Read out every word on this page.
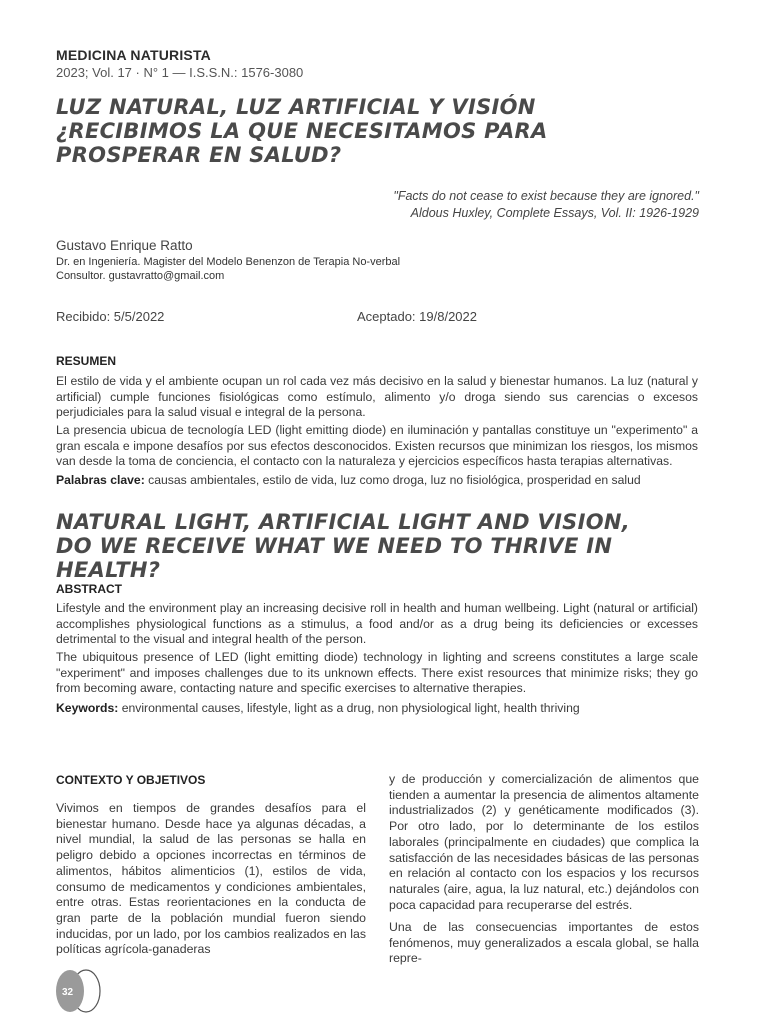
MEDICINA NATURISTA
2023; Vol. 17 · N° 1 — I.S.S.N.: 1576-3080
LUZ NATURAL, LUZ ARTIFICIAL Y VISIÓN
¿RECIBIMOS LA QUE NECESITAMOS PARA
PROSPERAR EN SALUD?
"Facts do not cease to exist because they are ignored."
Aldous Huxley, Complete Essays, Vol. II: 1926-1929
Gustavo Enrique Ratto
Dr. en Ingeniería. Magister del Modelo Benenzon de Terapia No-verbal
Consultor. gustavratto@gmail.com
Recibido: 5/5/2022	Aceptado: 19/8/2022
RESUMEN

El estilo de vida y el ambiente ocupan un rol cada vez más decisivo en la salud y bienestar humanos. La luz (natural y artificial) cumple funciones fisiológicas como estímulo, alimento y/o droga siendo sus carencias o excesos perjudiciales para la salud visual e integral de la persona.

La presencia ubicua de tecnología LED (light emitting diode) en iluminación y pantallas constituye un "experimento" a gran escala e impone desafíos por sus efectos desconocidos. Existen recursos que minimizan los riesgos, los mismos van desde la toma de conciencia, el contacto con la naturaleza y ejercicios específicos hasta terapias alternativas.

Palabras clave: causas ambientales, estilo de vida, luz como droga, luz no fisiológica, prosperidad en salud
NATURAL LIGHT, ARTIFICIAL LIGHT AND VISION,
DO WE RECEIVE WHAT WE NEED TO THRIVE IN HEALTH?
ABSTRACT

Lifestyle and the environment play an increasing decisive roll in health and human wellbeing. Light (natural or artificial) accomplishes physiological functions as a stimulus, a food and/or as a drug being its deficiencies or excesses detrimental to the visual and integral health of the person.

The ubiquitous presence of LED (light emitting diode) technology in lighting and screens constitutes a large scale "experiment" and imposes challenges due to its unknown effects. There exist resources that minimize risks; they go from becoming aware, contacting nature and specific exercises to alternative therapies.

Keywords: environmental causes, lifestyle, light as a drug, non physiological light, health thriving
CONTEXTO Y OBJETIVOS

Vivimos en tiempos de grandes desafíos para el bienestar humano. Desde hace ya algunas décadas, a nivel mundial, la salud de las personas se halla en peligro debido a opciones incorrectas en términos de alimentos, hábitos alimenticios (1), estilos de vida, consumo de medicamentos y condiciones ambientales, entre otras. Estas reorientaciones en la conducta de gran parte de la población mundial fueron siendo inducidas, por un lado, por los cambios realizados en las políticas agrícola-ganaderas

y de producción y comercialización de alimentos que tienden a aumentar la presencia de alimentos altamente industrializados (2) y genéticamente modificados (3). Por otro lado, por lo determinante de los estilos laborales (principalmente en ciudades) que complica la satisfacción de las necesidades básicas de las personas en relación al contacto con los espacios y los recursos naturales (aire, agua, la luz natural, etc.) dejándolos con poca capacidad para recuperarse del estrés.

Una de las consecuencias importantes de estos fenómenos, muy generalizados a escala global, se halla repre-

32
